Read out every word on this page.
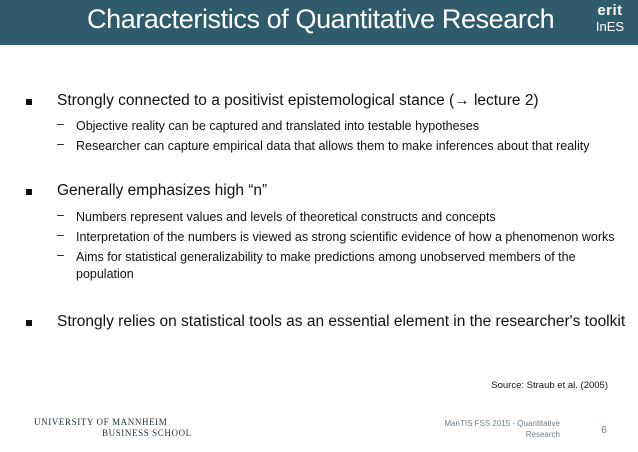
Characteristics of Quantitative Research	erit
InES
Strongly connected to a positivist epistemological stance (→ lecture 2)
– Objective reality can be captured and translated into testable hypotheses
– Researcher can capture empirical data that allows them to make inferences about that reality
Generally emphasizes high “n”
– Numbers represent values and levels of theoretical constructs and concepts
– Interpretation of the numbers is viewed as strong scientific evidence of how a phenomenon works
– Aims for statistical generalizability to make predictions among unobserved members of the
population
Strongly relies on statistical tools as an essential element in the researcher's toolkit
Source: Straub et al. (2005)
UNIVERSITY OF MANNHEIM
BUSINESS SCHOOL
ManTIS FSS 2015 - Quantitative
Research	6
